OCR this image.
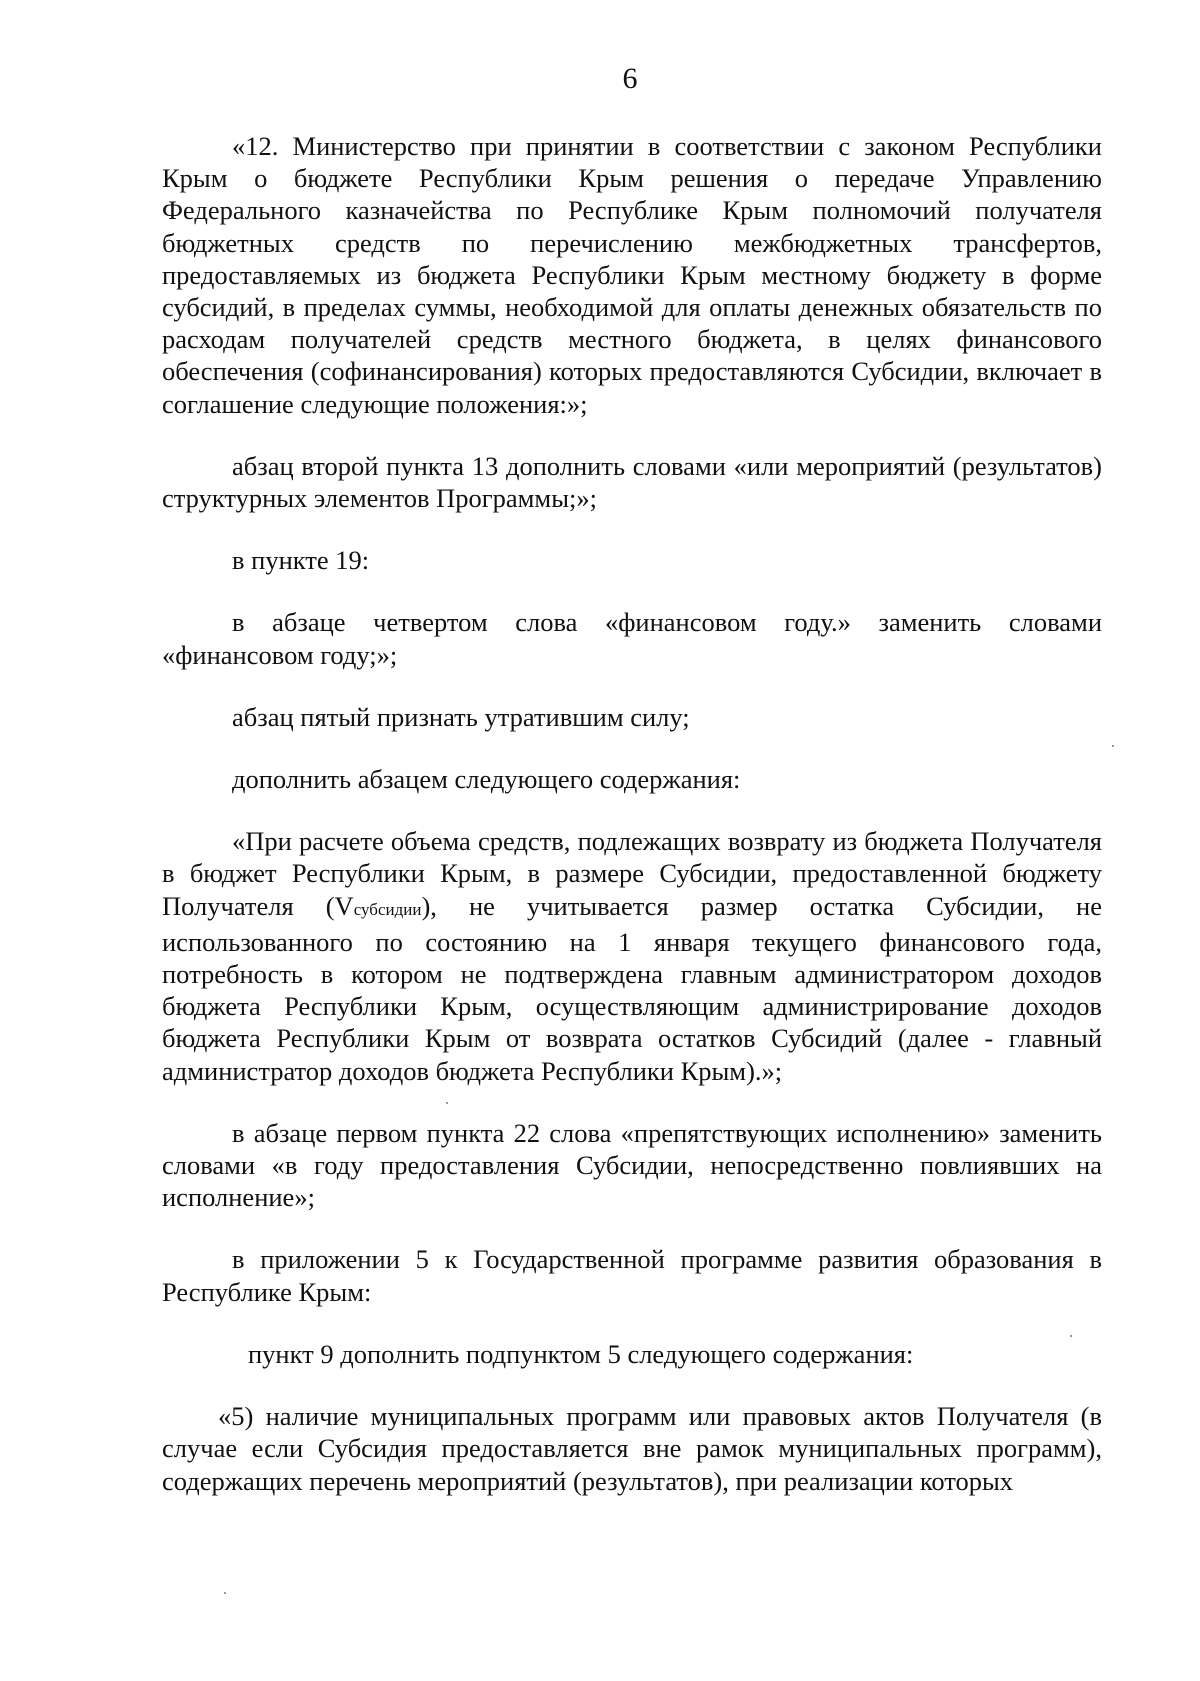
6

«12. Министерство при принятии в соответствии с законом Республики Крым о бюджете Республики Крым решения о передаче Управлению Федерального казначейства по Республике Крым полномочий получателя бюджетных средств по перечислению межбюджетных трансфертов, предоставляемых из бюджета Республики Крым местному бюджету в форме субсидий, в пределах суммы, необходимой для оплаты денежных обязательств по расходам получателей средств местного бюджета, в целях финансового обеспечения (софинансирования) которых предоставляются Субсидии, включает в соглашение следующие положения:»;

абзац второй пункта 13 дополнить словами «или мероприятий (результатов) структурных элементов Программы;»;

в пункте 19:

в абзаце четвертом слова «финансовом году.» заменить словами «финансовом году;»;

абзац пятый признать утратившим силу;

дополнить абзацем следующего содержания:

«При расчете объема средств, подлежащих возврату из бюджета Получателя в бюджет Республики Крым, в размере Субсидии, предоставленной бюджету Получателя (Vсубсидии), не учитывается размер остатка Субсидии, не использованного по состоянию на 1 января текущего финансового года, потребность в котором не подтверждена главным администратором доходов бюджета Республики Крым, осуществляющим администрирование доходов бюджета Республики Крым от возврата остатков Субсидий (далее - главный администратор доходов бюджета Республики Крым).»;

в абзаце первом пункта 22 слова «препятствующих исполнению» заменить словами «в году предоставления Субсидии, непосредственно повлиявших на исполнение»;

в приложении 5 к Государственной программе развития образования в Республике Крым:

пункт 9 дополнить подпунктом 5 следующего содержания:

«5) наличие муниципальных программ или правовых актов Получателя (в случае если Субсидия предоставляется вне рамок муниципальных программ), содержащих перечень мероприятий (результатов), при реализации которых
